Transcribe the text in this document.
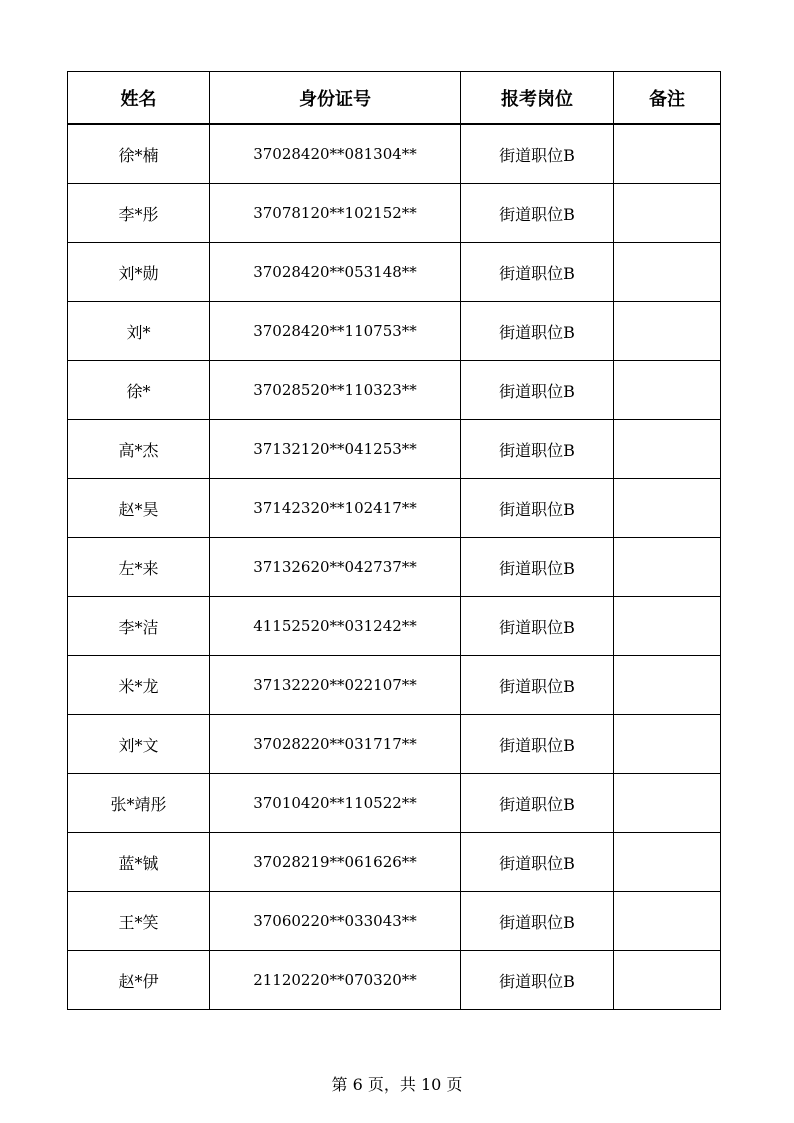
姓名	身份证号	报考岗位	备注
徐*楠	37028420**081304**	街道职位B	
李*彤	37078120**102152**	街道职位B	
刘*勋	37028420**053148**	街道职位B	
刘*	37028420**110753**	街道职位B	
徐*	37028520**110323**	街道职位B	
高*杰	37132120**041253**	街道职位B	
赵*昊	37142320**102417**	街道职位B	
左*来	37132620**042737**	街道职位B	
李*洁	41152520**031242**	街道职位B	
米*龙	37132220**022107**	街道职位B	
刘*文	37028220**031717**	街道职位B	
张*靖彤	37010420**110522**	街道职位B	
蓝*铖	37028219**061626**	街道职位B	
王*笑	37060220**033043**	街道职位B	
赵*伊	21120220**070320**	街道职位B	
第 6 页，共 10 页
